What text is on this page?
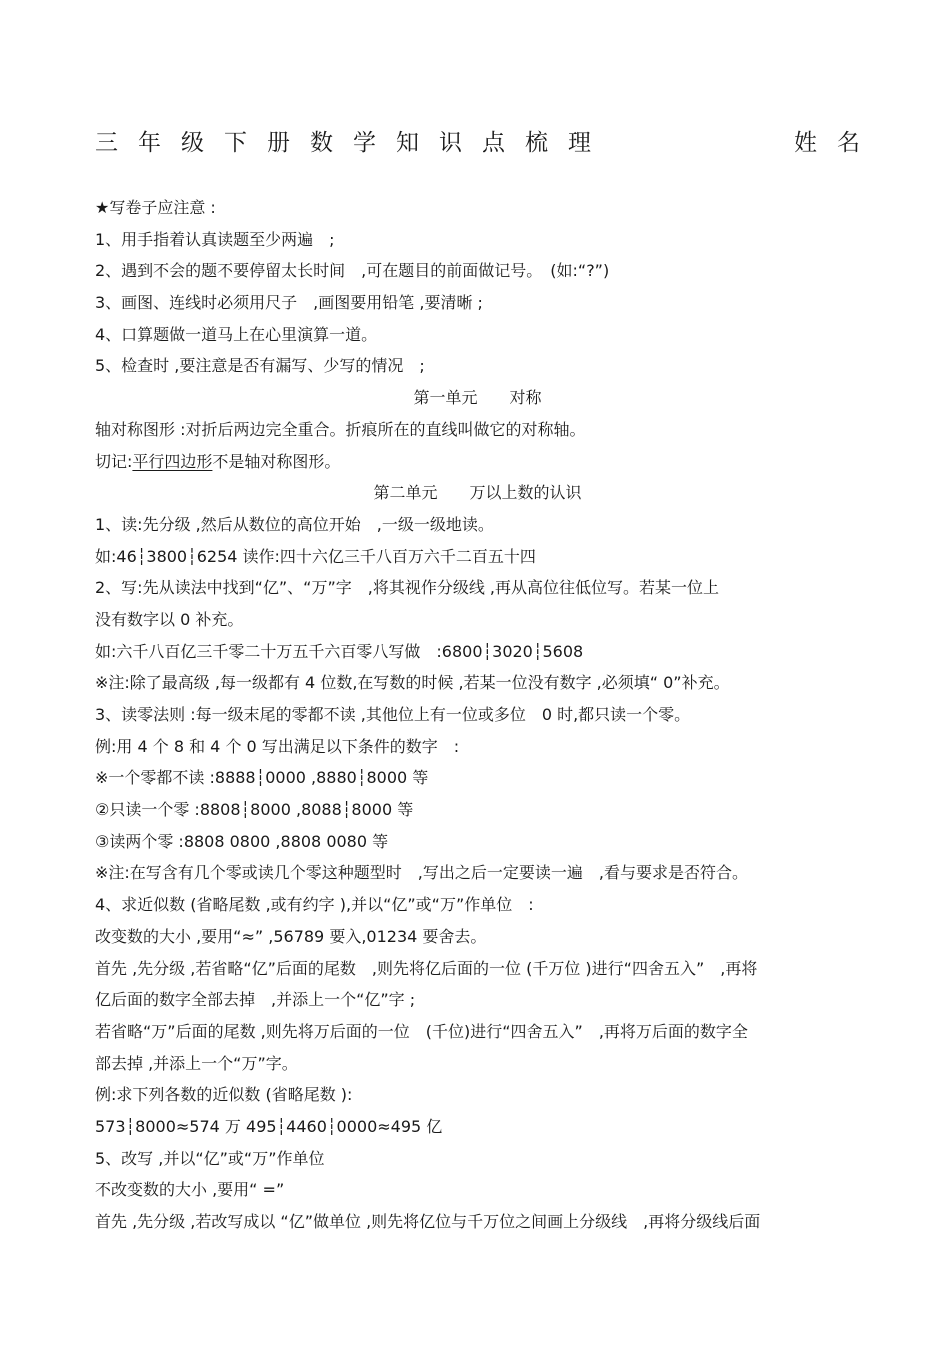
三年级下册数学知识点梳理	姓名
★写卷子应注意 :
1、用手指着认真读题至少两遍　;
2、遇到不会的题不要停留太长时间　,可在题目的前面做记号。　(如:“?”)
3、画图、连线时必须用尺子　,画图要用铅笔 ,要清晰 ;
4、口算题做一道马上在心里演算一道。
5、检查时 ,要注意是否有漏写、少写的情况　;
第一单元　　对称
轴对称图形 :对折后两边完全重合。折痕所在的直线叫做它的对称轴。
切记:平行四边形不是轴对称图形。
第二单元　　万以上数的认识
1、读:先分级 ,然后从数位的高位开始　,一级一级地读。
如:46┆3800┆6254 读作:四十六亿三千八百万六千二百五十四
2、写:先从读法中找到“亿”、“万”字　,将其视作分级线 ,再从高位往低位写。若某一位上
没有数字以 0 补充。
如:六千八百亿三千零二十万五千六百零八写做　:6800┆3020┆5608
※注:除了最高级 ,每一级都有 4 位数,在写数的时候 ,若某一位没有数字 ,必须填“ 0”补充。
3、读零法则 :每一级末尾的零都不读 ,其他位上有一位或多位　0 时,都只读一个零。
例:用 4 个 8 和 4 个 0 写出满足以下条件的数字　:
※一个零都不读 :8888┆0000 ,8880┆8000 等
②只读一个零 :8808┆8000 ,8088┆8000 等
③读两个零 :8808 0800 ,8808 0080 等
※注:在写含有几个零或读几个零这种题型时　,写出之后一定要读一遍　,看与要求是否符合。
4、求近似数 (省略尾数 ,或有约字 ),并以“亿”或“万”作单位　:
改变数的大小 ,要用“≈” ,56789 要入,01234 要舍去。
首先 ,先分级 ,若省略“亿”后面的尾数　,则先将亿后面的一位 (千万位 )进行“四舍五入”　,再将
亿后面的数字全部去掉　,并添上一个“亿”字 ;
若省略“万”后面的尾数 ,则先将万后面的一位　(千位)进行“四舍五入”　,再将万后面的数字全
部去掉 ,并添上一个“万”字。
例:求下列各数的近似数 (省略尾数 ):
573┆8000≈574 万 495┆4460┆0000≈495 亿
5、改写 ,并以“亿”或“万”作单位
不改变数的大小 ,要用“ =”
首先 ,先分级 ,若改写成以 “亿”做单位 ,则先将亿位与千万位之间画上分级线　,再将分级线后面
